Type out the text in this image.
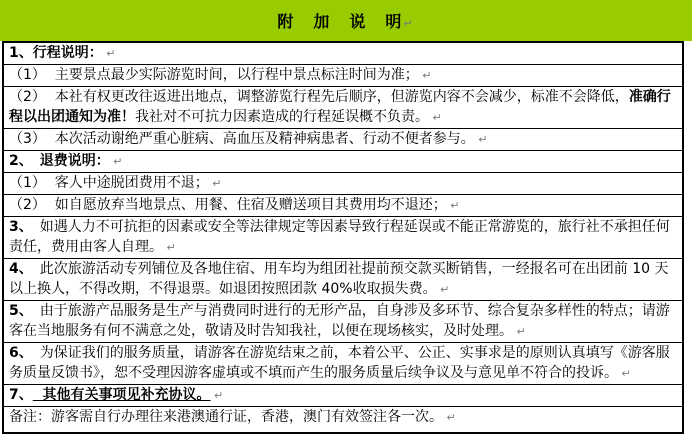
附　加　说　明↵
1、行程说明： ↵
（1）  主要景点最少实际游览时间，以行程中景点标注时间为准； ↵
（2）  本社有权更改往返进出地点，调整游览行程先后顺序，但游览内容不会减少，标准不会降低，准确行程以出团通知为准！我社对不可抗力因素造成的行程延误概不负责。 ↵
（3）  本次活动谢绝严重心脏病、高血压及精神病患者、行动不便者参与。 ↵
2、　退费说明： ↵
（1）  客人中途脱团费用不退； ↵
（2）  如自愿放弃当地景点、用餐、住宿及赠送项目其费用均不退还； ↵
3、　如遇人力不可抗拒的因素或安全等法律规定等因素导致行程延误或不能正常游览的，旅行社不承担任何责任，费用由客人自理。 ↵
4、　此次旅游活动专列铺位及各地住宿、用车均为组团社提前预交款买断销售，一经报名可在出团前 10 天以上换人，不得改期，不得退票。如退团按照团款 40%收取损失费。 ↵
5、　由于旅游产品服务是生产与消费同时进行的无形产品，自身涉及多环节、综合复杂多样性的特点；请游客在当地服务有何不满意之处，敬请及时告知我社，以便在现场核实，及时处理。 ↵
6、　为保证我们的服务质量，请游客在游览结束之前，本着公平、公正、实事求是的原则认真填写《游客服务质量反馈书》，恕不受理因游客虚填或不填而产生的服务质量后续争议及与意见单不符合的投诉。 ↵
7、  其他有关事项见补充协议。 ↵
备注：游客需自行办理往来港澳通行证，香港，澳门有效签注各一次。 ↵
